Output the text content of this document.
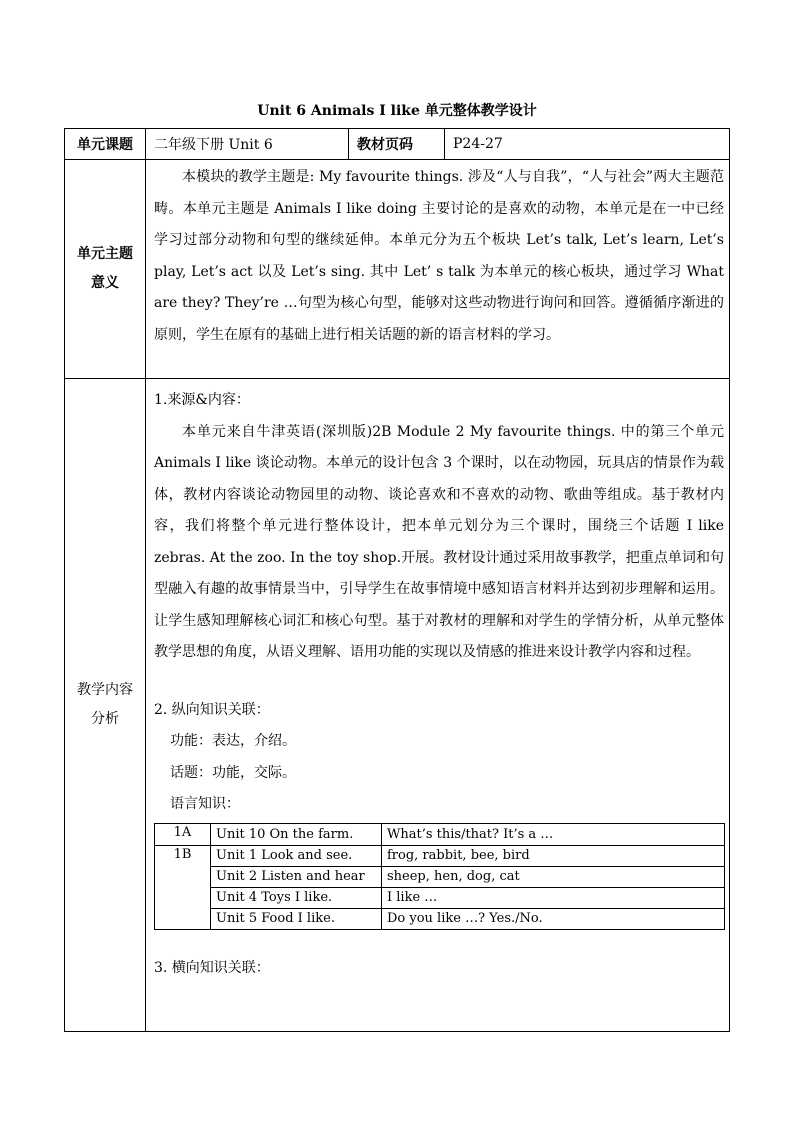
Unit 6 Animals I like 单元整体教学设计
单元课题	二年级下册 Unit 6	教材页码	P24-27

单元主题
意义
	本模块的教学主题是: My favourite things. 涉及“人与自我”，“人与社会”两大主题范畴。本单元主题是 Animals I like doing 主要讨论的是喜欢的动物，本单元是在一中已经学习过部分动物和句型的继续延伸。本单元分为五个板块 Let’s talk, Let’s learn, Let’s play, Let’s act 以及 Let’s sing. 其中 Let’ s talk 为本单元的核心板块，通过学习 What are they? They’re …句型为核心句型，能够对这些动物进行询问和回答。遵循循序渐进的原则，学生在原有的基础上进行相关话题的新的语言材料的学习。

教学内容
分析

1.来源&内容：

本单元来自牛津英语(深圳版)2B Module 2 My favourite things. 中的第三个单元 Animals I like 谈论动物。本单元的设计包含 3 个课时，以在动物园，玩具店的情景作为载体，教材内容谈论动物园里的动物、谈论喜欢和不喜欢的动物、歌曲等组成。基于教材内容，我们将整个单元进行整体设计，把本单元划分为三个课时，围绕三个话题 I like zebras. At the zoo. In the toy shop.开展。教材设计通过采用故事教学，把重点单词和句型融入有趣的故事情景当中，引导学生在故事情境中感知语言材料并达到初步理解和运用。让学生感知理解核心词汇和核心句型。基于对教材的理解和对学生的学情分析，从单元整体教学思想的角度，从语义理解、语用功能的实现以及情感的推进来设计教学内容和过程。

2. 纵向知识关联：

功能：表达，介绍。

话题：功能，交际。

语言知识：

1A	Unit 10 On the farm.	What’s this/that? It’s a …
1B	Unit 1 Look and see.	frog, rabbit, bee, bird
Unit 2 Listen and hear	sheep, hen, dog, cat
Unit 4 Toys I like.	I like …
Unit 5 Food I like.	Do you like …? Yes./No.

3. 横向知识关联：
